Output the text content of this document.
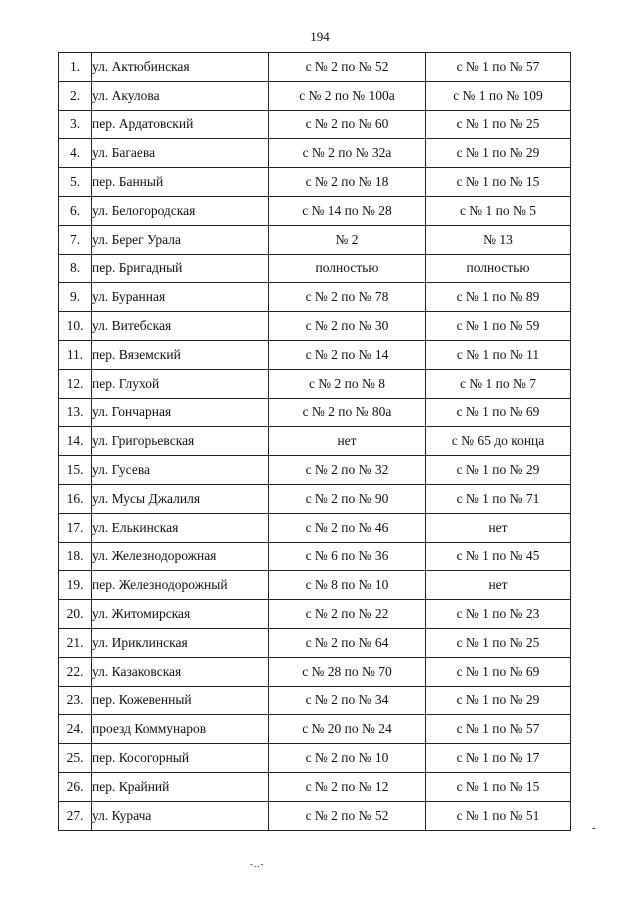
194
1.	ул. Актюбинская	с № 2 по № 52	с № 1 по № 57
2.	ул. Акулова	с № 2 по № 100а	с № 1 по № 109
3.	пер. Ардатовский	с № 2 по № 60	с № 1 по № 25
4.	ул. Багаева	с № 2 по № 32а	с № 1 по № 29
5.	пер. Банный	с № 2 по № 18	с № 1 по № 15
6.	ул. Белогородская	с № 14 по № 28	с № 1 по № 5
7.	ул. Берег Урала	№ 2	№ 13
8.	пер. Бригадный	полностью	полностью
9.	ул. Буранная	с № 2 по № 78	с № 1 по № 89
10.	ул. Витебская	с № 2 по № 30	с № 1 по № 59
11.	пер. Вяземский	с № 2 по № 14	с № 1 по № 11
12.	пер. Глухой	с № 2 по № 8	с № 1 по № 7
13.	ул. Гончарная	с № 2 по № 80а	с № 1 по № 69
14.	ул. Григорьевская	нет	с № 65 до конца
15.	ул. Гусева	с № 2 по № 32	с № 1 по № 29
16.	ул. Мусы Джалиля	с № 2 по № 90	с № 1 по № 71
17.	ул. Елькинская	с № 2 по № 46	нет
18.	ул. Железнодорожная	с № 6 по № 36	с № 1 по № 45
19.	пер. Железнодорожный	с № 8 по № 10	нет
20.	ул. Житомирская	с № 2 по № 22	с № 1 по № 23
21.	ул. Ириклинская	с № 2 по № 64	с № 1 по № 25
22.	ул. Казаковская	с № 28 по № 70	с № 1 по № 69
23.	пер. Кожевенный	с № 2 по № 34	с № 1 по № 29
24.	проезд Коммунаров	с № 20 по № 24	с № 1 по № 57
25.	пер. Косогорный	с № 2 по № 10	с № 1 по № 17
26.	пер. Крайний	с № 2 по № 12	с № 1 по № 15
27.	ул. Курача	с № 2 по № 52	с № 1 по № 51
-
-..-
